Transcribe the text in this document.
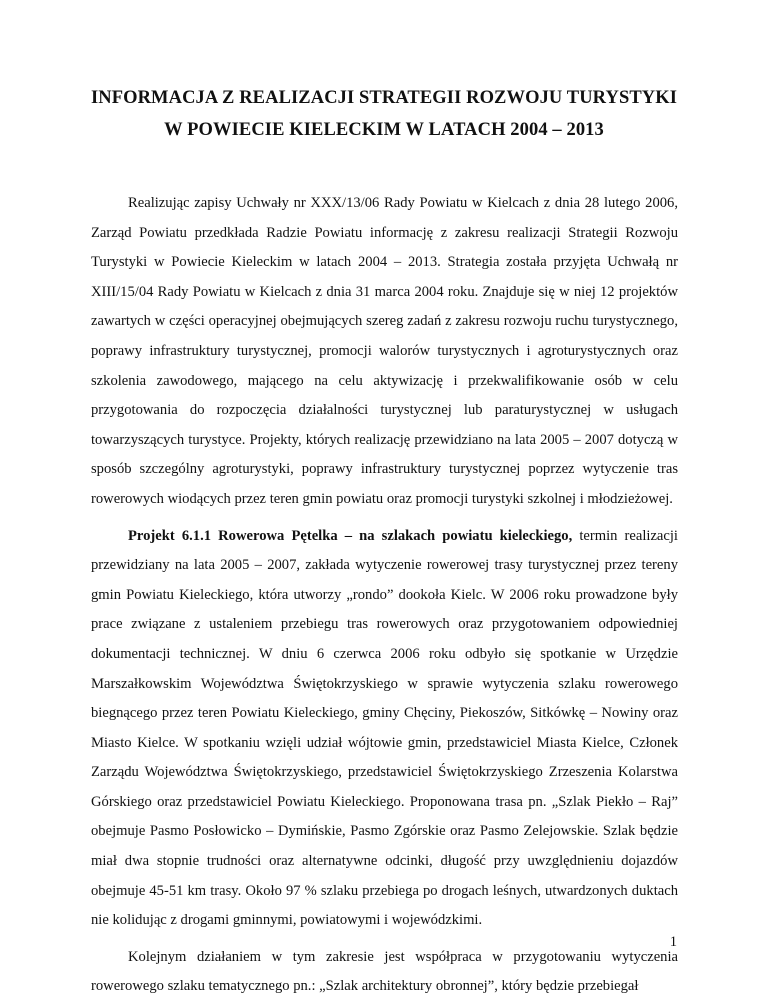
INFORMACJA Z REALIZACJI STRATEGII ROZWOJU TURYSTYKI
W POWIECIE KIELECKIM W LATACH 2004 – 2013

Realizując zapisy Uchwały nr XXX/13/06 Rady Powiatu w Kielcach z dnia 28 lutego 2006, Zarząd Powiatu przedkłada Radzie Powiatu informację z zakresu realizacji Strategii Rozwoju Turystyki w Powiecie Kieleckim w latach 2004 – 2013. Strategia została przyjęta Uchwałą nr XIII/15/04 Rady Powiatu w Kielcach z dnia 31 marca 2004 roku. Znajduje się w niej 12 projektów zawartych w części operacyjnej obejmujących szereg zadań z zakresu rozwoju ruchu turystycznego, poprawy infrastruktury turystycznej, promocji walorów turystycznych i agroturystycznych oraz szkolenia zawodowego, mającego na celu aktywizację i przekwalifikowanie osób w celu przygotowania do rozpoczęcia działalności turystycznej lub paraturystycznej w usługach towarzyszących turystyce. Projekty, których realizację przewidziano na lata 2005 – 2007 dotyczą w sposób szczególny agroturystyki, poprawy infrastruktury turystycznej poprzez wytyczenie tras rowerowych wiodących przez teren gmin powiatu oraz promocji turystyki szkolnej i młodzieżowej.

Projekt 6.1.1 Rowerowa Pętelka – na szlakach powiatu kieleckiego, termin realizacji przewidziany na lata 2005 – 2007, zakłada wytyczenie rowerowej trasy turystycznej przez tereny gmin Powiatu Kieleckiego, która utworzy „rondo” dookoła Kielc. W 2006 roku prowadzone były prace związane z ustaleniem przebiegu tras rowerowych oraz przygotowaniem odpowiedniej dokumentacji technicznej. W dniu 6 czerwca 2006 roku odbyło się spotkanie w Urzędzie Marszałkowskim Województwa Świętokrzyskiego w sprawie wytyczenia szlaku rowerowego biegnącego przez teren Powiatu Kieleckiego, gminy Chęciny, Piekoszów, Sitkówkę – Nowiny oraz Miasto Kielce. W spotkaniu wzięli udział wójtowie gmin, przedstawiciel Miasta Kielce, Członek Zarządu Województwa Świętokrzyskiego, przedstawiciel Świętokrzyskiego Zrzeszenia Kolarstwa Górskiego oraz przedstawiciel Powiatu Kieleckiego. Proponowana trasa pn. „Szlak Piekło – Raj” obejmuje Pasmo Posłowicko – Dymińskie, Pasmo Zgórskie oraz Pasmo Zelejowskie. Szlak będzie miał dwa stopnie trudności oraz alternatywne odcinki, długość przy uwzględnieniu dojazdów obejmuje 45-51 km trasy. Około 97 % szlaku przebiega po drogach leśnych, utwardzonych duktach nie kolidując z drogami gminnymi, powiatowymi i wojewódzkimi.

Kolejnym działaniem w tym zakresie jest współpraca w przygotowaniu wytyczenia rowerowego szlaku tematycznego pn.: „Szlak architektury obronnej”, który będzie przebiegał

1
